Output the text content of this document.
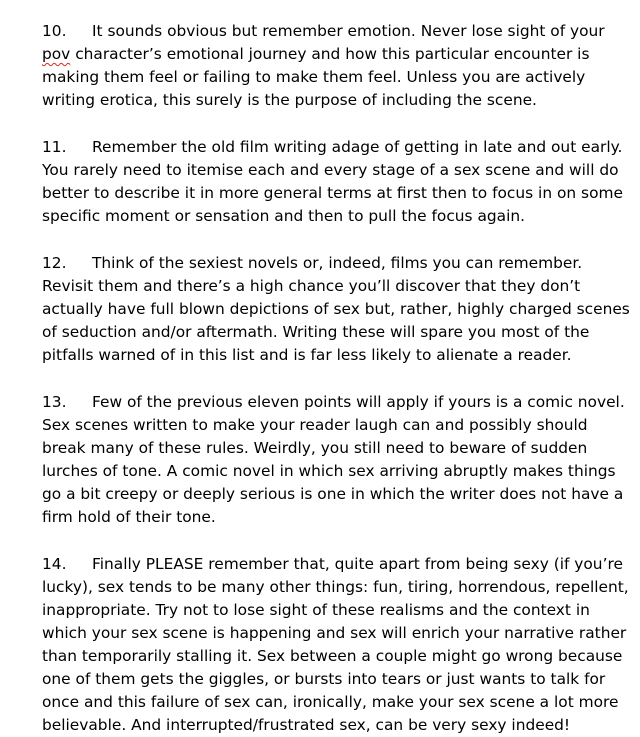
10. It sounds obvious but remember emotion. Never lose sight of your pov character’s emotional journey and how this particular encounter is making them feel or failing to make them feel. Unless you are actively writing erotica, this surely is the purpose of including the scene.

11. Remember the old film writing adage of getting in late and out early. You rarely need to itemise each and every stage of a sex scene and will do better to describe it in more general terms at first then to focus in on some specific moment or sensation and then to pull the focus again.

12. Think of the sexiest novels or, indeed, films you can remember. Revisit them and there’s a high chance you’ll discover that they don’t actually have full blown depictions of sex but, rather, highly charged scenes of seduction and/or aftermath. Writing these will spare you most of the pitfalls warned of in this list and is far less likely to alienate a reader.

13. Few of the previous eleven points will apply if yours is a comic novel. Sex scenes written to make your reader laugh can and possibly should break many of these rules. Weirdly, you still need to beware of sudden lurches of tone. A comic novel in which sex arriving abruptly makes things go a bit creepy or deeply serious is one in which the writer does not have a firm hold of their tone.

14. Finally PLEASE remember that, quite apart from being sexy (if you’re lucky), sex tends to be many other things: fun, tiring, horrendous, repellent, inappropriate. Try not to lose sight of these realisms and the context in which your sex scene is happening and sex will enrich your narrative rather than temporarily stalling it. Sex between a couple might go wrong because one of them gets the giggles, or bursts into tears or just wants to talk for once and this failure of sex can, ironically, make your sex scene a lot more believable. And interrupted/frustrated sex, can be very sexy indeed!
